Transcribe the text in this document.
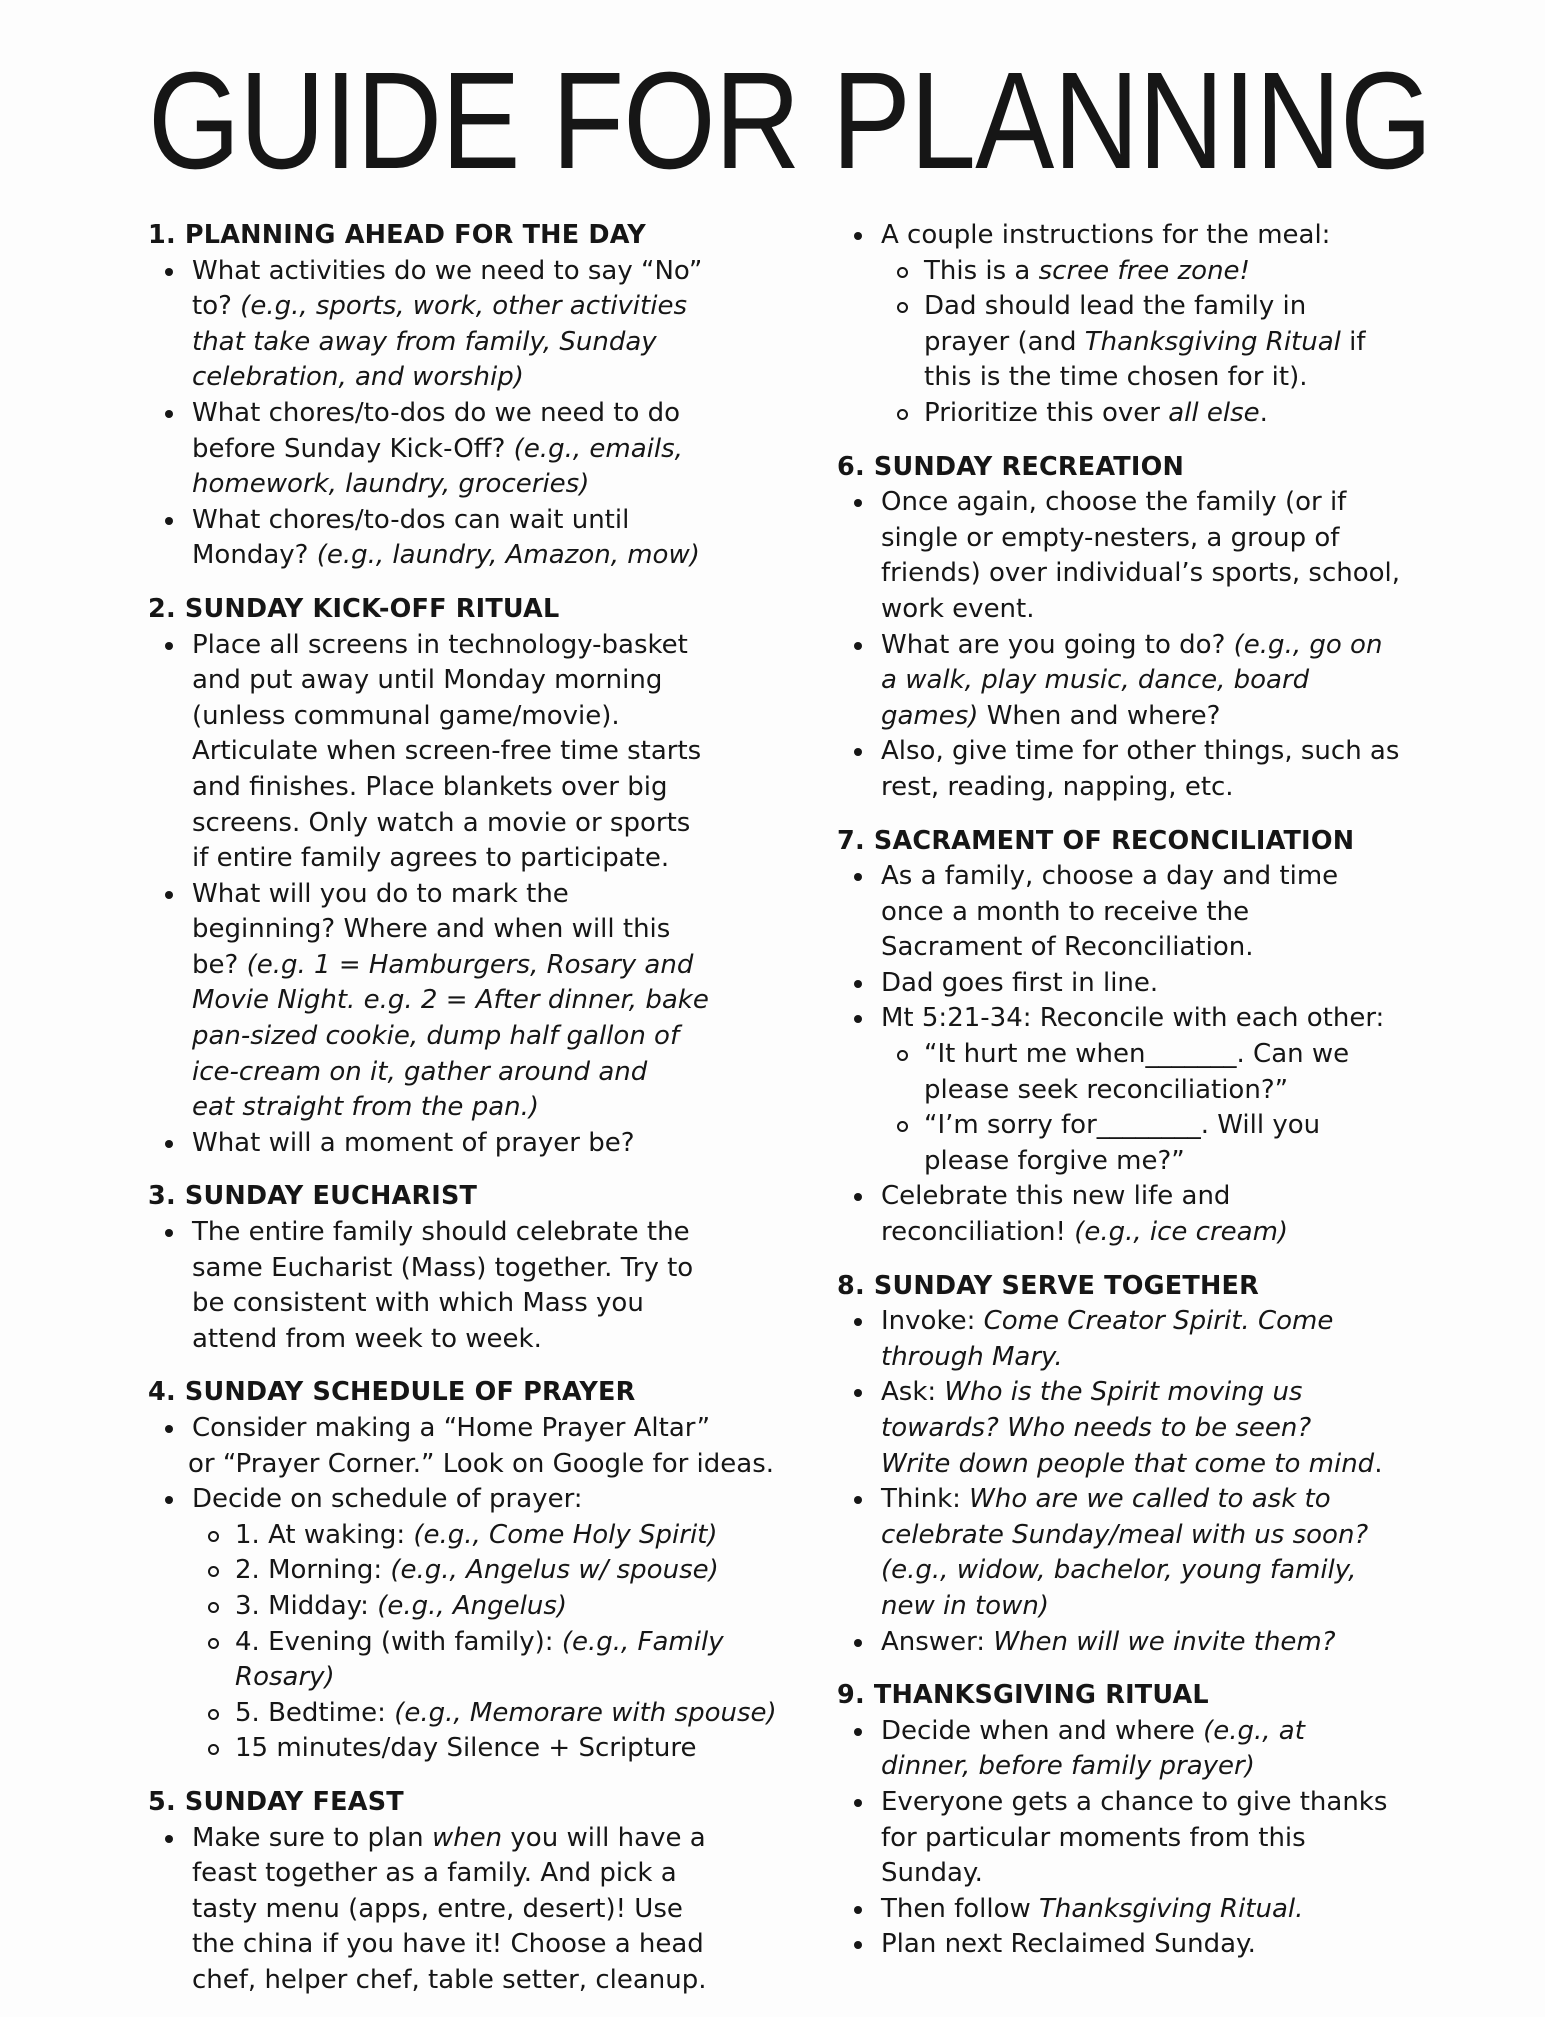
GUIDE FOR PLANNING
1. PLANNING AHEAD FOR THE DAY
What activities do we need to say “No”
to? (e.g., sports, work, other activities
that take away from family, Sunday
celebration, and worship)
What chores/to-dos do we need to do
before Sunday Kick-Off? (e.g., emails,
homework, laundry, groceries)
What chores/to-dos can wait until
Monday? (e.g., laundry, Amazon, mow)
2. SUNDAY KICK-OFF RITUAL
Place all screens in technology-basket
and put away until Monday morning
(unless communal game/movie).
Articulate when screen-free time starts
and finishes. Place blankets over big
screens. Only watch a movie or sports
if entire family agrees to participate.
What will you do to mark the
beginning? Where and when will this
be? (e.g. 1 = Hamburgers, Rosary and
Movie Night. e.g. 2 = After dinner, bake
pan-sized cookie, dump half gallon of
ice-cream on it, gather around and
eat straight from the pan.)
What will a moment of prayer be?
3. SUNDAY EUCHARIST
The entire family should celebrate the
same Eucharist (Mass) together. Try to
be consistent with which Mass you
attend from week to week.
4. SUNDAY SCHEDULE OF PRAYER
Consider making a “Home Prayer Altar”
or “Prayer Corner.” Look on Google for ideas.
Decide on schedule of prayer:
1. At waking: (e.g., Come Holy Spirit)
2. Morning: (e.g., Angelus w/ spouse)
3. Midday: (e.g., Angelus)
4. Evening (with family): (e.g., Family Rosary)
5. Bedtime: (e.g., Memorare with spouse)
15 minutes/day Silence + Scripture
5. SUNDAY FEAST
Make sure to plan when you will have a
feast together as a family. And pick a
tasty menu (apps, entre, desert)! Use
the china if you have it! Choose a head
chef, helper chef, table setter, cleanup.
A couple instructions for the meal:
This is a scree free zone!
Dad should lead the family in
prayer (and Thanksgiving Ritual if
this is the time chosen for it).
Prioritize this over all else.
6. SUNDAY RECREATION
Once again, choose the family (or if
single or empty-nesters, a group of
friends) over individual’s sports, school,
work event.
What are you going to do? (e.g., go on
a walk, play music, dance, board
games) When and where?
Also, give time for other things, such as
rest, reading, napping, etc.
7. SACRAMENT OF RECONCILIATION
As a family, choose a day and time
once a month to receive the
Sacrament of Reconciliation.
Dad goes first in line.
Mt 5:21-34: Reconcile with each other:
“It hurt me when_______. Can we
please seek reconciliation?”
“I’m sorry for________. Will you
please forgive me?”
Celebrate this new life and
reconciliation! (e.g., ice cream)
8. SUNDAY SERVE TOGETHER
Invoke: Come Creator Spirit. Come
through Mary.
Ask: Who is the Spirit moving us
towards? Who needs to be seen?
Write down people that come to mind.
Think: Who are we called to ask to
celebrate Sunday/meal with us soon?
(e.g., widow, bachelor, young family,
new in town)
Answer: When will we invite them?
9. THANKSGIVING RITUAL
Decide when and where (e.g., at
dinner, before family prayer)
Everyone gets a chance to give thanks
for particular moments from this
Sunday.
Then follow Thanksgiving Ritual.
Plan next Reclaimed Sunday.
